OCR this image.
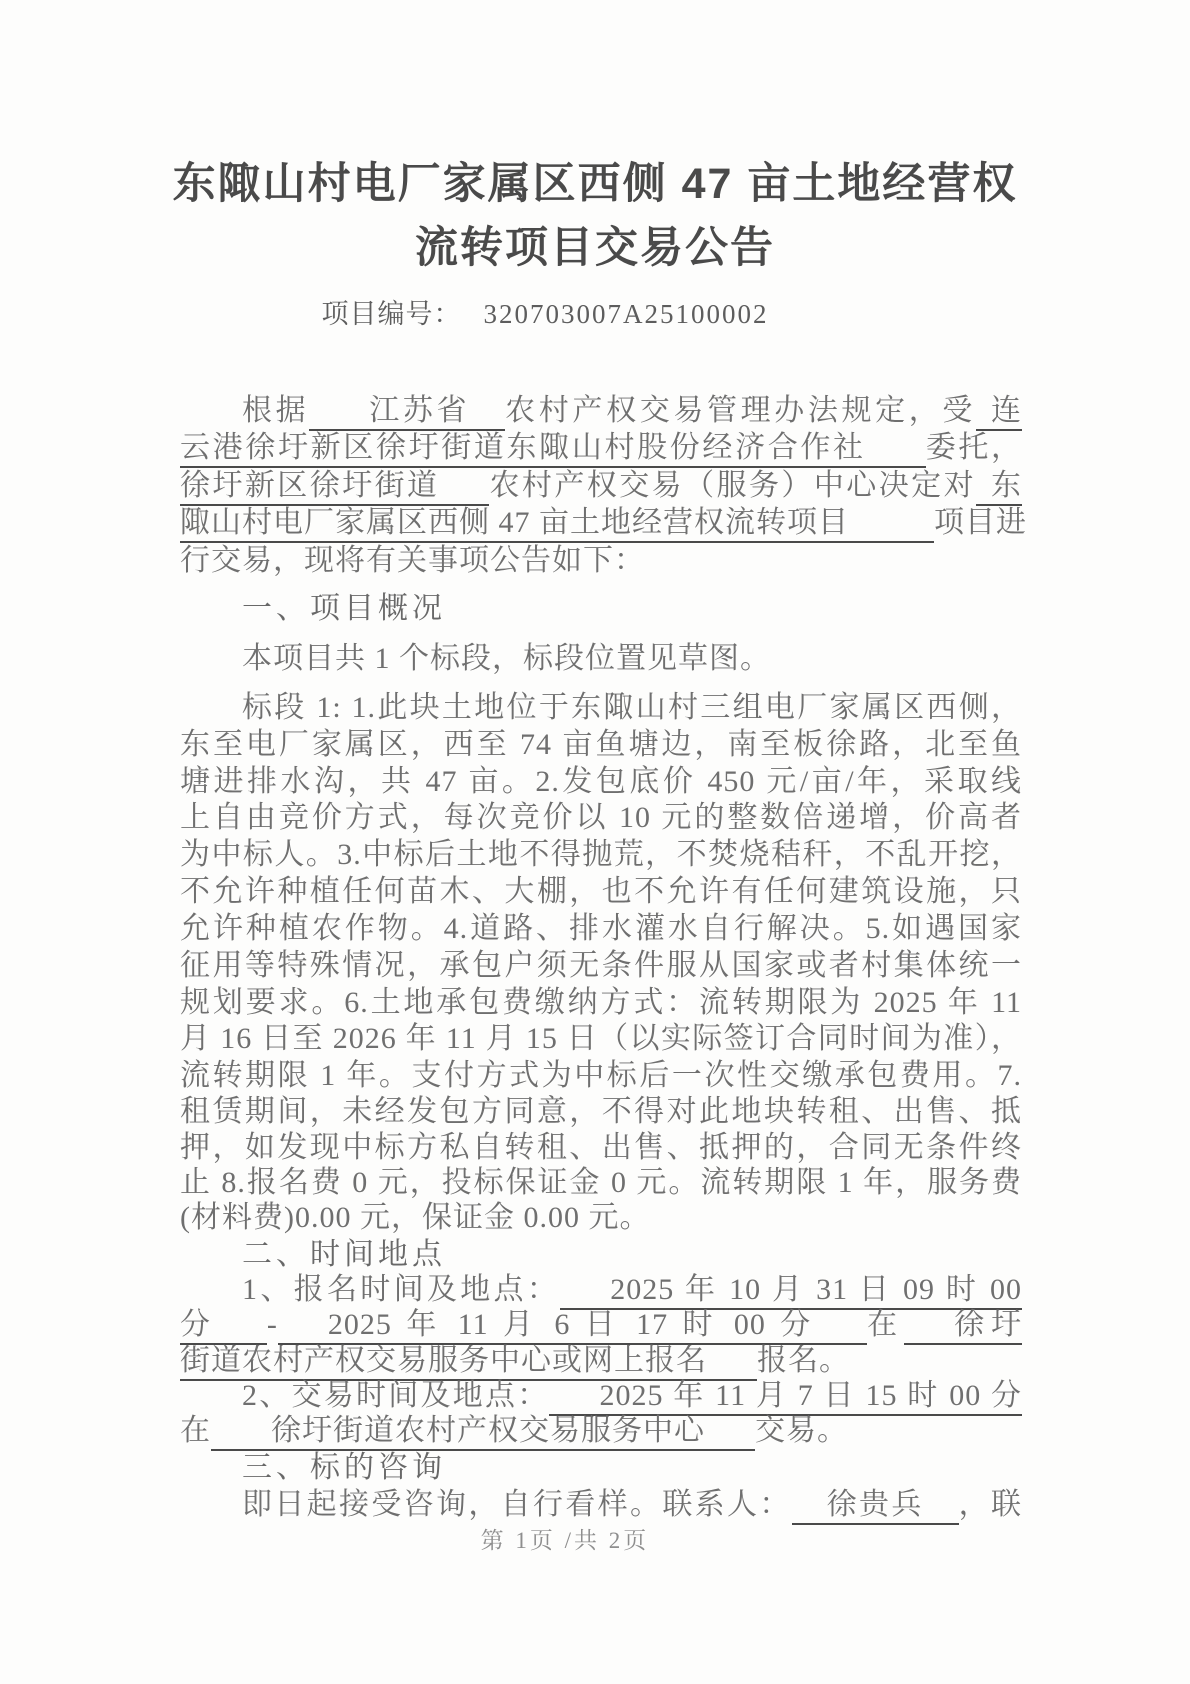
东陬山村电厂家属区西侧 47 亩土地经营权
流转项目交易公告
项目编号： 320703007A25100002
根据 江苏省 农村产权交易管理办法规定，受 连
云港徐圩新区徐圩街道东陬山村股份经济合作社 委托，
徐圩新区徐圩街道 农村产权交易（服务）中心决定对 东
陬山村电厂家属区西侧 47 亩土地经营权流转项目	项目进
行交易，现将有关事项公告如下：
一、项目概况
本项目共 1 个标段，标段位置见草图。
标段 1: 1.此块土地位于东陬山村三组电厂家属区西侧，
东至电厂家属区，西至 74 亩鱼塘边，南至板徐路，北至鱼
塘进排水沟，共 47 亩。2.发包底价 450 元/亩/年，采取线
上自由竞价方式，每次竞价以 10 元的整数倍递增，价高者
为中标人。3.中标后土地不得抛荒，不焚烧秸秆，不乱开挖，
不允许种植任何苗木、大棚，也不允许有任何建筑设施，只
允许种植农作物。4.道路、排水灌水自行解决。5.如遇国家
征用等特殊情况，承包户须无条件服从国家或者村集体统一
规划要求。6.土地承包费缴纳方式：流转期限为 2025 年 11
月 16 日至 2026 年 11 月 15 日（以实际签订合同时间为准），
流转期限 1 年。支付方式为中标后一次性交缴承包费用。7.
租赁期间，未经发包方同意，不得对此地块转租、出售、抵
押，如发现中标方私自转租、出售、抵押的，合同无条件终
止 8.报名费 0 元，投标保证金 0 元。流转期限 1 年，服务费
(材料费)0.00 元，保证金 0.00 元。
二、时间地点
1、报名时间及地点： 2025 年 10 月 31 日 09 时 00
分 - 2025 年 11 月 6 日 17 时 00 分 在 徐圩
街道农村产权交易服务中心或网上报名 报名。
2、交易时间及地点： 2025 年 11 月 7 日 15 时 00 分
在 徐圩街道农村产权交易服务中心 交易。
三、标的咨询
即日起接受咨询，自行看样。联系人： 徐贵兵 ，联
第 1页 /共 2页
